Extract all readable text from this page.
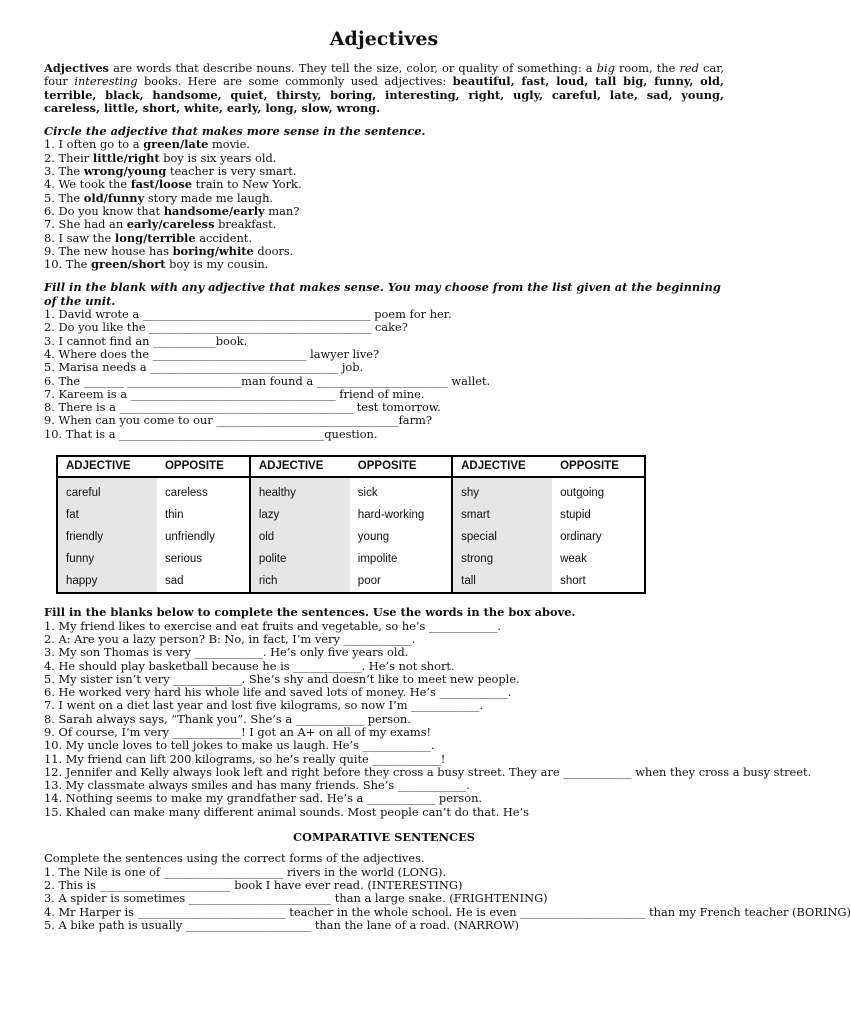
Adjectives

Adjectives are words that describe nouns. They tell the size, color, or quality of something: a big room, the red car, four interesting books. Here are some commonly used adjectives: beautiful, fast, loud, tall big, funny, old, terrible, black, handsome, quiet, thirsty, boring, interesting, right, ugly, careful, late, sad, young, careless, little, short, white, early, long, slow, wrong.

Circle the adjective that makes more sense in the sentence.

1. I often go to a green/late movie.
2. Their little/right boy is six years old.
3. The wrong/young teacher is very smart.
4. We took the fast/loose train to New York.
5. The old/funny story made me laugh.
6. Do you know that handsome/early man?
7. She had an early/careless breakfast.
8. I saw the long/terrible accident.
9. The new house has boring/white doors.
10. The green/short boy is my cousin.

Fill in the blank with any adjective that makes sense. You may choose from the list given at the beginning of the unit.

1. David wrote a ________________________________________ poem for her.
2. Do you like the _______________________________________ cake?
3. I cannot find an ___________book.
4. Where does the ___________________________ lawyer live?
5. Marisa needs a _________________________________ job.
6. The _______ ____________________man found a _______________________ wallet.
7. Kareem is a ____________________________________ friend of mine.
8. There is a _________________________________________ test tomorrow.
9. When can you come to our ________________________________farm?
10. That is a ____________________________________question.
ADJECTIVE	OPPOSITE	ADJECTIVE	OPPOSITE	ADJECTIVE	OPPOSITE
careful	careless	healthy	sick	shy	outgoing
fat	thin	lazy	hard-working	smart	stupid
friendly	unfriendly	old	young	special	ordinary
funny	serious	polite	impolite	strong	weak
happy	sad	rich	poor	tall	short

Fill in the blanks below to complete the sentences. Use the words in the box above.

1. My friend likes to exercise and eat fruits and vegetable, so he’s ____________.
2. A: Are you a lazy person? B: No, in fact, I’m very ____________.
3. My son Thomas is very ____________. He’s only five years old.
4. He should play basketball because he is ____________. He’s not short.
5. My sister isn’t very ____________. She’s shy and doesn’t like to meet new people.
6. He worked very hard his whole life and saved lots of money. He’s ____________.
7. I went on a diet last year and lost five kilograms, so now I’m ____________.
8. Sarah always says, “Thank you”. She’s a ____________ person.
9. Of course, I’m very ____________! I got an A+ on all of my exams!
10. My uncle loves to tell jokes to make us laugh. He’s ____________.
11. My friend can lift 200 kilograms, so he’s really quite ____________!
12. Jennifer and Kelly always look left and right before they cross a busy street. They are ____________ when they cross a busy street.
13. My classmate always smiles and has many friends. She’s ____________.
14. Nothing seems to make my grandfather sad. He’s a ____________ person.
15. Khaled can make many different animal sounds. Most people can’t do that. He’s

COMPARATIVE SENTENCES

Complete the sentences using the correct forms of the adjectives.

1. The Nile is one of _____________________ rivers in the world (LONG).
2. This is _______________________ book I have ever read. (INTERESTING)
3. A spider is sometimes _________________________ than a large snake. (FRIGHTENING)
4. Mr Harper is __________________________ teacher in the whole school. He is even ______________________ than my French teacher (BORING)
5. A bike path is usually ______________________ than the lane of a road. (NARROW)
